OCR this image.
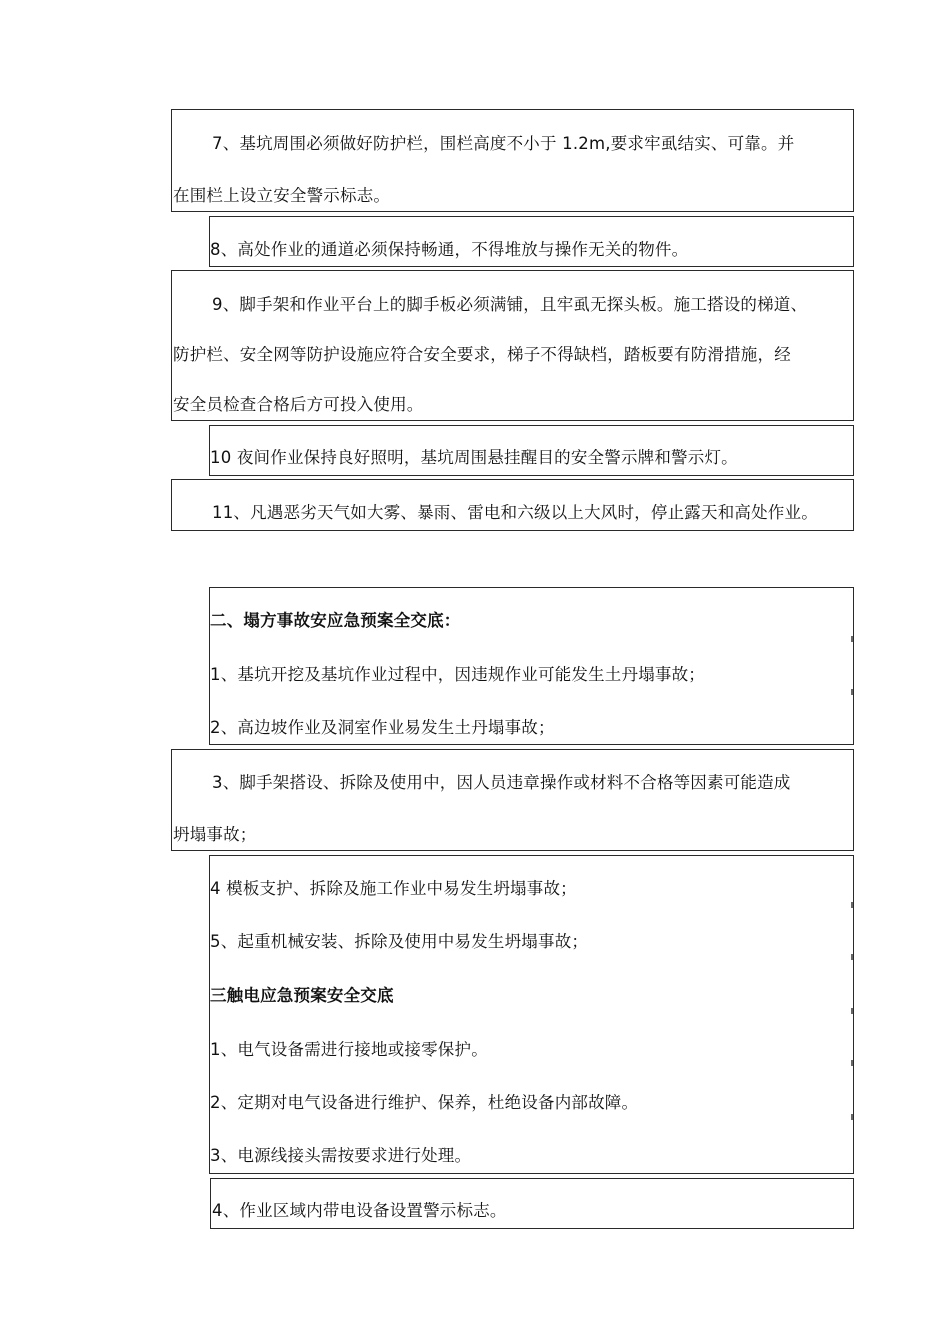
7、基坑周围必须做好防护栏，围栏高度不小于 1.2m,要求牢虱结实、可靠。并
在围栏上设立安全警示标志。
8、高处作业的通道必须保持畅通，不得堆放与操作无关的物件。
9、脚手架和作业平台上的脚手板必须满铺，且牢虱无探头板。施工搭设的梯道、
防护栏、安全网等防护设施应符合安全要求，梯子不得缺档，踏板要有防滑措施，经
安全员检查合格后方可投入使用。
10 夜间作业保持良好照明，基坑周围悬挂醒目的安全警示牌和警示灯。
11、凡遇恶劣天气如大雾、暴雨、雷电和六级以上大风时，停止露天和高处作业。
二、塌方事故安应急预案全交底：
1、基坑开挖及基坑作业过程中，因违规作业可能发生土丹塌事故；
2、高边坡作业及洞室作业易发生土丹塌事故；
3、脚手架搭设、拆除及使用中，因人员违章操作或材料不合格等因素可能造成
坍塌事故；
4 模板支护、拆除及施工作业中易发生坍塌事故；
5、起重机械安装、拆除及使用中易发生坍塌事故；
三触电应急预案安全交底
1、电气设备需进行接地或接零保护。
2、定期对电气设备进行维护、保养，杜绝设备内部故障。
3、电源线接头需按要求进行处理。
4、作业区域内带电设备设置警示标志。
